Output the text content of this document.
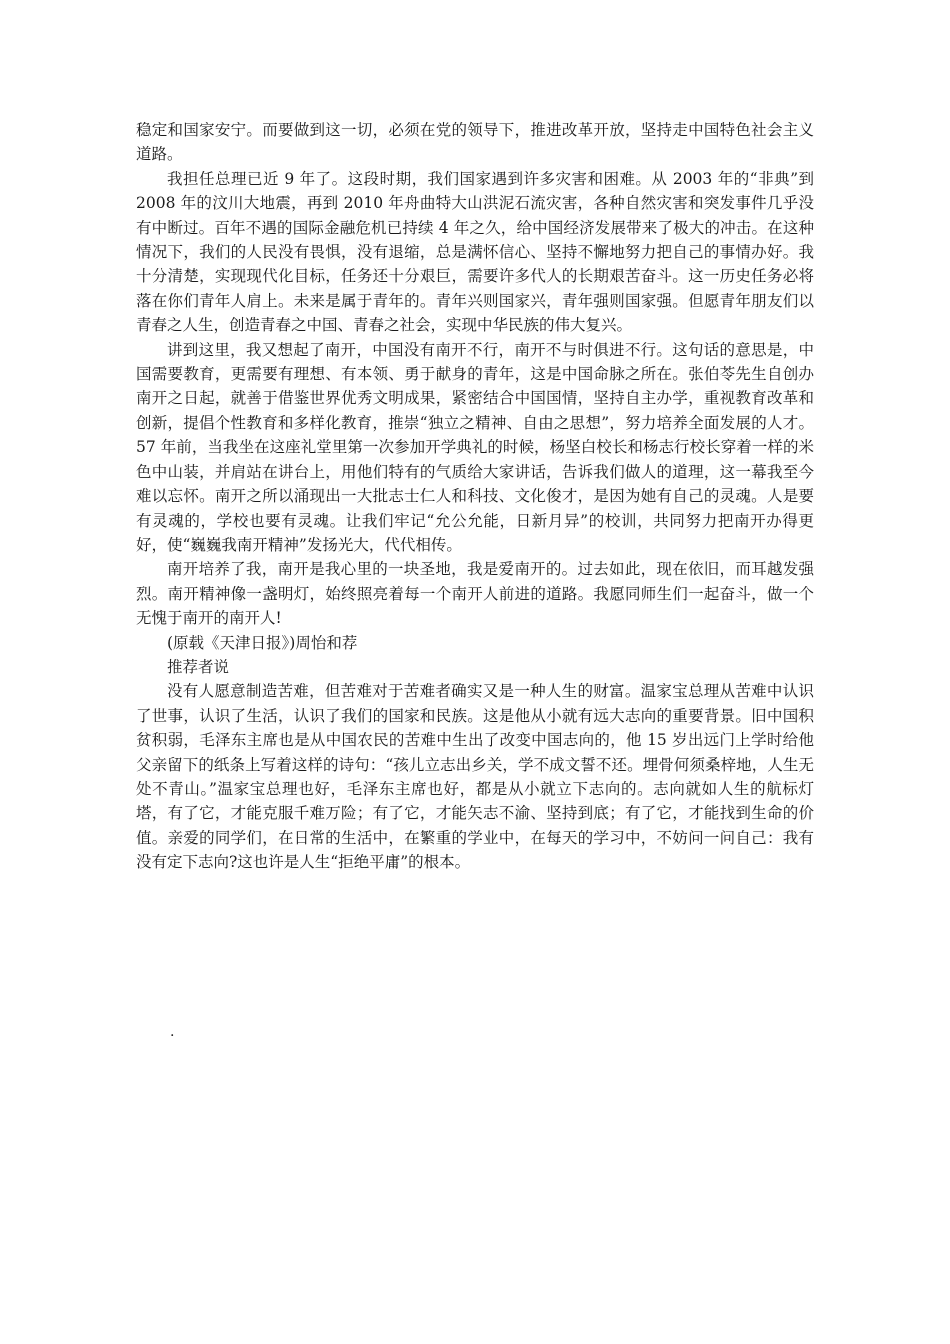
稳定和国家安宁。而要做到这一切，必须在党的领导下，推进改革开放，坚持走中国特色社会主义道路。

我担任总理已近 9 年了。这段时期，我们国家遇到许多灾害和困难。从 2003 年的“非典”到 2008 年的汶川大地震，再到 2010 年舟曲特大山洪泥石流灾害，各种自然灾害和突发事件几乎没有中断过。百年不遇的国际金融危机已持续 4 年之久，给中国经济发展带来了极大的冲击。在这种情况下，我们的人民没有畏惧，没有退缩，总是满怀信心、坚持不懈地努力把自己的事情办好。我十分清楚，实现现代化目标，任务还十分艰巨，需要许多代人的长期艰苦奋斗。这一历史任务必将落在你们青年人肩上。未来是属于青年的。青年兴则国家兴，青年强则国家强。但愿青年朋友们以青春之人生，创造青春之中国、青春之社会，实现中华民族的伟大复兴。

讲到这里，我又想起了南开，中国没有南开不行，南开不与时俱进不行。这句话的意思是，中国需要教育，更需要有理想、有本领、勇于献身的青年，这是中国命脉之所在。张伯苓先生自创办南开之日起，就善于借鉴世界优秀文明成果，紧密结合中国国情，坚持自主办学，重视教育改革和创新，提倡个性教育和多样化教育，推崇“独立之精神、自由之思想”，努力培养全面发展的人才。57 年前，当我坐在这座礼堂里第一次参加开学典礼的时候，杨坚白校长和杨志行校长穿着一样的米色中山装，并肩站在讲台上，用他们特有的气质给大家讲话，告诉我们做人的道理，这一幕我至今难以忘怀。南开之所以涌现出一大批志士仁人和科技、文化俊才，是因为她有自己的灵魂。人是要有灵魂的，学校也要有灵魂。让我们牢记“允公允能，日新月异”的校训，共同努力把南开办得更好，使“巍巍我南开精神”发扬光大，代代相传。

南开培养了我，南开是我心里的一块圣地，我是爱南开的。过去如此，现在依旧，而耳越发强烈。南开精神像一盏明灯，始终照亮着每一个南开人前进的道路。我愿同师生们一起奋斗，做一个无愧于南开的南开人!

(原载《天津日报》)周怡和荐

推荐者说

没有人愿意制造苦难，但苦难对于苦难者确实又是一种人生的财富。温家宝总理从苦难中认识了世事，认识了生活，认识了我们的国家和民族。这是他从小就有远大志向的重要背景。旧中国积贫积弱，毛泽东主席也是从中国农民的苦难中生出了改变中国志向的，他 15 岁出远门上学时给他父亲留下的纸条上写着这样的诗句：“孩儿立志出乡关，学不成文誓不还。埋骨何须桑梓地，人生无处不青山。”温家宝总理也好，毛泽东主席也好，都是从小就立下志向的。志向就如人生的航标灯塔，有了它，才能克服千难万险；有了它，才能矢志不渝、坚持到底；有了它，才能找到生命的价值。亲爱的同学们，在日常的生活中，在繁重的学业中，在每天的学习中，不妨问一问自己：我有没有定下志向?这也许是人生“拒绝平庸”的根本。

.
